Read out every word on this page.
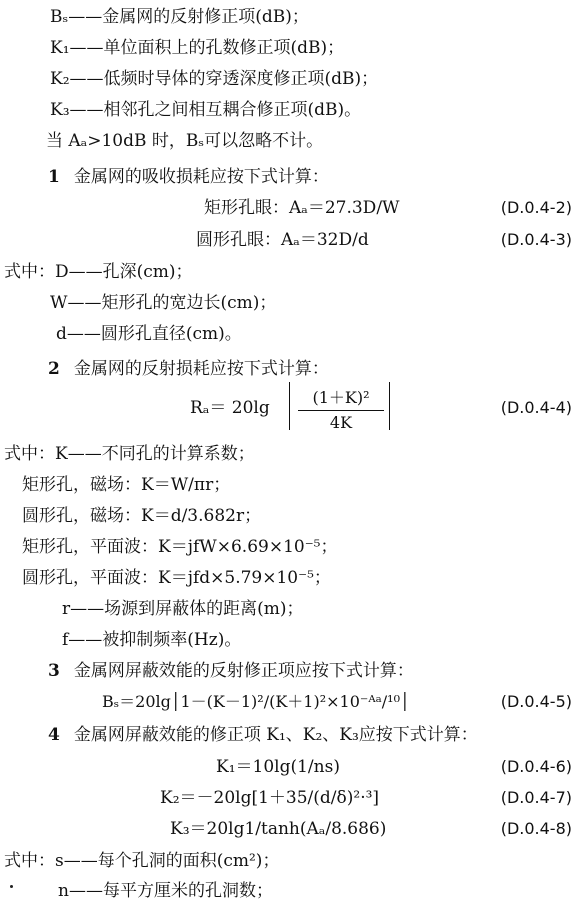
Bₛ——金属网的反射修正项(dB)；
K₁——单位面积上的孔数修正项(dB)；
K₂——低频时导体的穿透深度修正项(dB)；
K₃——相邻孔之间相互耦合修正项(dB)。
当 Aₐ>10dB 时，Bₛ可以忽略不计。
1 金属网的吸收损耗应按下式计算：
矩形孔眼：Aₐ＝27.3D/W	(D.0.4-2)
圆形孔眼：Aₐ＝32D/d	(D.0.4-3)
式中：D——孔深(cm)；
W——矩形孔的宽边长(cm)；
d——圆形孔直径(cm)。
2 金属网的反射损耗应按下式计算：
$R_a= 20\lg \frac{\text{(1＋K)²}}{4K}$	(D.0.4-4)
式中：K——不同孔的计算系数；
矩形孔，磁场：K＝W/πr；
圆形孔，磁场：K＝d/3.682r；
矩形孔，平面波：K＝jfW×6.69×10⁻⁵；
圆形孔，平面波：K＝jfd×5.79×10⁻⁵；
r——场源到屏蔽体的距离(m)；
f——被抑制频率(Hz)。
3 金属网屏蔽效能的反射修正项应按下式计算：
Bₛ＝20lg│1－(K－1)²/(K＋1)²×10⁻ᴬᵃ/¹⁰│	(D.0.4-5)
4 金属网屏蔽效能的修正项 K₁、K₂、K₃应按下式计算：
K₁＝10lg(1/ns)	(D.0.4-6)
K₂＝－20lg[1＋35/(d/δ)²·³]	(D.0.4-7)
K₃＝20lg1/tanh(Aₐ/8.686)	(D.0.4-8)
式中：s——每个孔洞的面积(cm²)；
n——每平方厘米的孔洞数；
